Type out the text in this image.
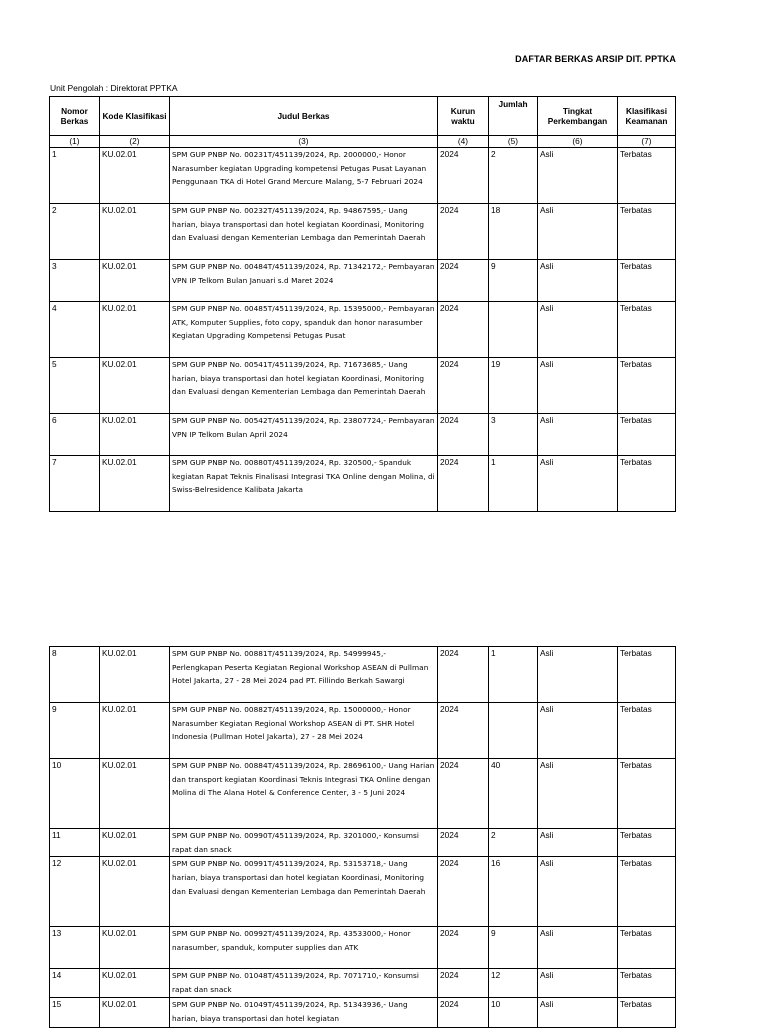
DAFTAR BERKAS ARSIP DIT. PPTKA
Unit Pengolah : Direktorat PPTKA
Nomor Berkas	Kode Klasifikasi	Judul Berkas	Kurun waktu	Jumlah	Tingkat Perkembangan	Klasifikasi Keamanan
(1)	(2)	(3)	(4)	(5)	(6)	(7)
1	KU.02.01	SPM GUP PNBP No. 00231T/451139/2024, Rp. 2000000,- Honor Narasumber kegiatan Upgrading kompetensi Petugas Pusat Layanan Penggunaan TKA di Hotel Grand Mercure Malang, 5-7 Februari 2024	2024	2	Asli	Terbatas
2	KU.02.01	SPM GUP PNBP No. 00232T/451139/2024, Rp. 94867595,- Uang harian, biaya transportasi dan hotel kegiatan Koordinasi, Monitoring dan Evaluasi dengan Kementerian Lembaga dan Pemerintah Daerah	2024	18	Asli	Terbatas
3	KU.02.01	SPM GUP PNBP No. 00484T/451139/2024, Rp. 71342172,- Pembayaran VPN IP Telkom Bulan Januari s.d Maret 2024	2024	9	Asli	Terbatas
4	KU.02.01	SPM GUP PNBP No. 00485T/451139/2024, Rp. 15395000,- Pembayaran ATK, Komputer Supplies, foto copy, spanduk dan honor narasumber Kegiatan Upgrading Kompetensi Petugas Pusat	2024		Asli	Terbatas
5	KU.02.01	SPM GUP PNBP No. 00541T/451139/2024, Rp. 71673685,- Uang harian, biaya transportasi dan hotel kegiatan Koordinasi, Monitoring dan Evaluasi dengan Kementerian Lembaga dan Pemerintah Daerah	2024	19	Asli	Terbatas
6	KU.02.01	SPM GUP PNBP No. 00542T/451139/2024, Rp. 23807724,- Pembayaran VPN IP Telkom Bulan April 2024	2024	3	Asli	Terbatas
7	KU.02.01	SPM GUP PNBP No. 00880T/451139/2024, Rp. 320500,- Spanduk kegiatan Rapat Teknis Finalisasi Integrasi TKA Online dengan Molina, di Swiss-Belresidence Kalibata Jakarta	2024	1	Asli	Terbatas
8	KU.02.01	SPM GUP PNBP No. 00881T/451139/2024, Rp. 54999945,- Perlengkapan Peserta Kegiatan Regional Workshop ASEAN di Pullman Hotel Jakarta, 27 - 28 Mei 2024 pad PT. Fillindo Berkah Sawargi	2024	1	Asli	Terbatas
9	KU.02.01	SPM GUP PNBP No. 00882T/451139/2024, Rp. 15000000,- Honor Narasumber Kegiatan Regional Workshop ASEAN di PT. SHR Hotel Indonesia (Pullman Hotel Jakarta), 27 - 28 Mei 2024	2024		Asli	Terbatas
10	KU.02.01	SPM GUP PNBP No. 00884T/451139/2024, Rp. 28696100,- Uang Harian dan transport kegiatan Koordinasi Teknis Integrasi TKA Online dengan Molina di The Alana Hotel & Conference Center, 3 - 5 Juni 2024	2024	40	Asli	Terbatas
11	KU.02.01	SPM GUP PNBP No. 00990T/451139/2024, Rp. 3201000,- Konsumsi rapat dan snack	2024	2	Asli	Terbatas
12	KU.02.01	SPM GUP PNBP No. 00991T/451139/2024, Rp. 53153718,- Uang harian, biaya transportasi dan hotel kegiatan Koordinasi, Monitoring dan Evaluasi dengan Kementerian Lembaga dan Pemerintah Daerah	2024	16	Asli	Terbatas
13	KU.02.01	SPM GUP PNBP No. 00992T/451139/2024, Rp. 43533000,- Honor narasumber, spanduk, komputer supplies dan ATK	2024	9	Asli	Terbatas
14	KU.02.01	SPM GUP PNBP No. 01048T/451139/2024, Rp. 7071710,- Konsumsi rapat dan snack	2024	12	Asli	Terbatas
15	KU.02.01	SPM GUP PNBP No. 01049T/451139/2024, Rp. 51343936,- Uang harian, biaya transportasi dan hotel kegiatan	2024	10	Asli	Terbatas
